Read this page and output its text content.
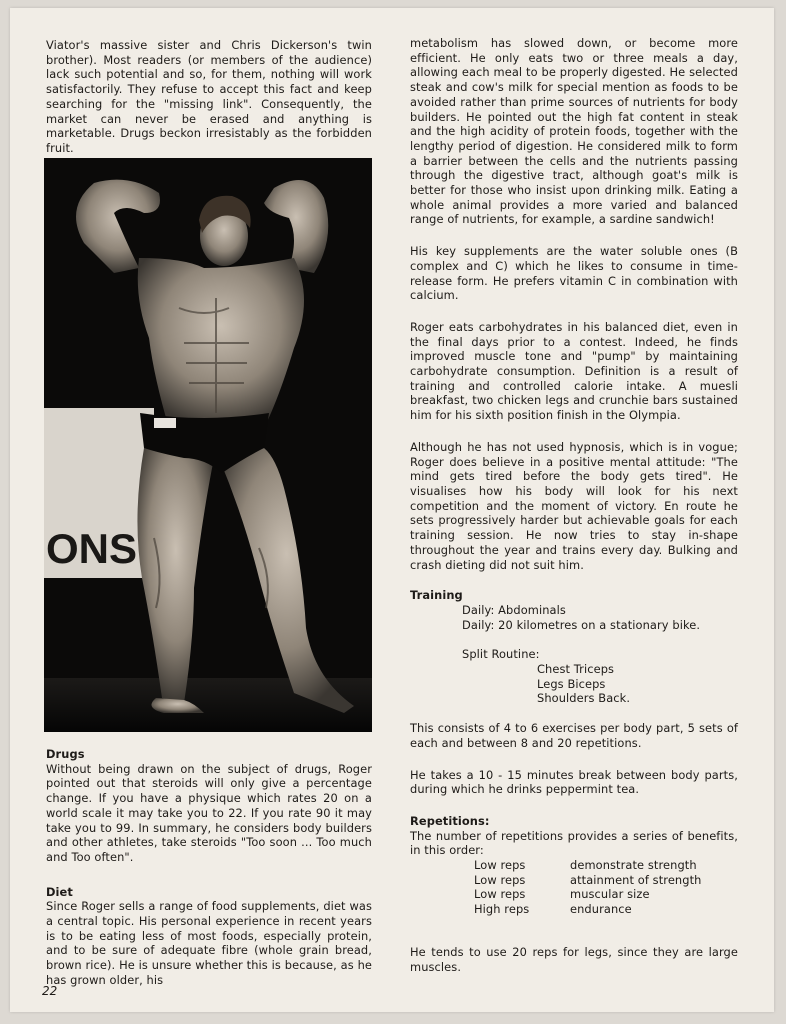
Viator's massive sister and Chris Dickerson's twin brother). Most readers (or members of the audience) lack such potential and so, for them, nothing will work satisfactorily. They refuse to accept this fact and keep searching for the "missing link". Consequently, the market can never be erased and anything is marketable. Drugs beckon irresistably as the forbidden fruit.

ONS
Drugs

Without being drawn on the subject of drugs, Roger pointed out that steroids will only give a percentage change. If you have a physique which rates 20 on a world scale it may take you to 22. If you rate 90 it may take you to 99. In summary, he considers body builders and other athletes, take steroids "Too soon ... Too much and Too often".

Diet

Since Roger sells a range of food supplements, diet was a central topic. His personal experience in recent years is to be eating less of most foods, especially protein, and to be sure of adequate fibre (whole grain bread, brown rice). He is unsure whether this is because, as he has grown older, his

metabolism has slowed down, or become more efficient. He only eats two or three meals a day, allowing each meal to be properly digested. He selected steak and cow's milk for special mention as foods to be avoided rather than prime sources of nutrients for body builders. He pointed out the high fat content in steak and the high acidity of protein foods, together with the lengthy period of digestion. He considered milk to form a barrier between the cells and the nutrients passing through the digestive tract, although goat's milk is better for those who insist upon drinking milk. Eating a whole animal provides a more varied and balanced range of nutrients, for example, a sardine sandwich!

His key supplements are the water soluble ones (B complex and C) which he likes to consume in time-release form. He prefers vitamin C in combination with calcium.

Roger eats carbohydrates in his balanced diet, even in the final days prior to a contest. Indeed, he finds improved muscle tone and "pump" by maintaining carbohydrate consumption. Definition is a result of training and controlled calorie intake. A muesli breakfast, two chicken legs and crunchie bars sustained him for his sixth position finish in the Olympia.

Although he has not used hypnosis, which is in vogue; Roger does believe in a positive mental attitude: "The mind gets tired before the body gets tired". He visualises how his body will look for his next competition and the moment of victory. En route he sets progressively harder but achievable goals for each training session. He now tries to stay in-shape throughout the year and trains every day. Bulking and crash dieting did not suit him.

Training
Daily: Abdominals
Daily: 20 kilometres on a stationary bike.
Split Routine:
Chest Triceps
Legs Biceps
Shoulders Back.

This consists of 4 to 6 exercises per body part, 5 sets of each and between 8 and 20 repetitions.

He takes a 10 - 15 minutes break between body parts, during which he drinks peppermint tea.

Repetitions:

The number of repetitions provides a series of benefits, in this order:

Low reps	demonstrate strength
Low reps	attainment of strength
Low reps	muscular size
High reps	endurance

He tends to use 20 reps for legs, since they are large muscles.

22
